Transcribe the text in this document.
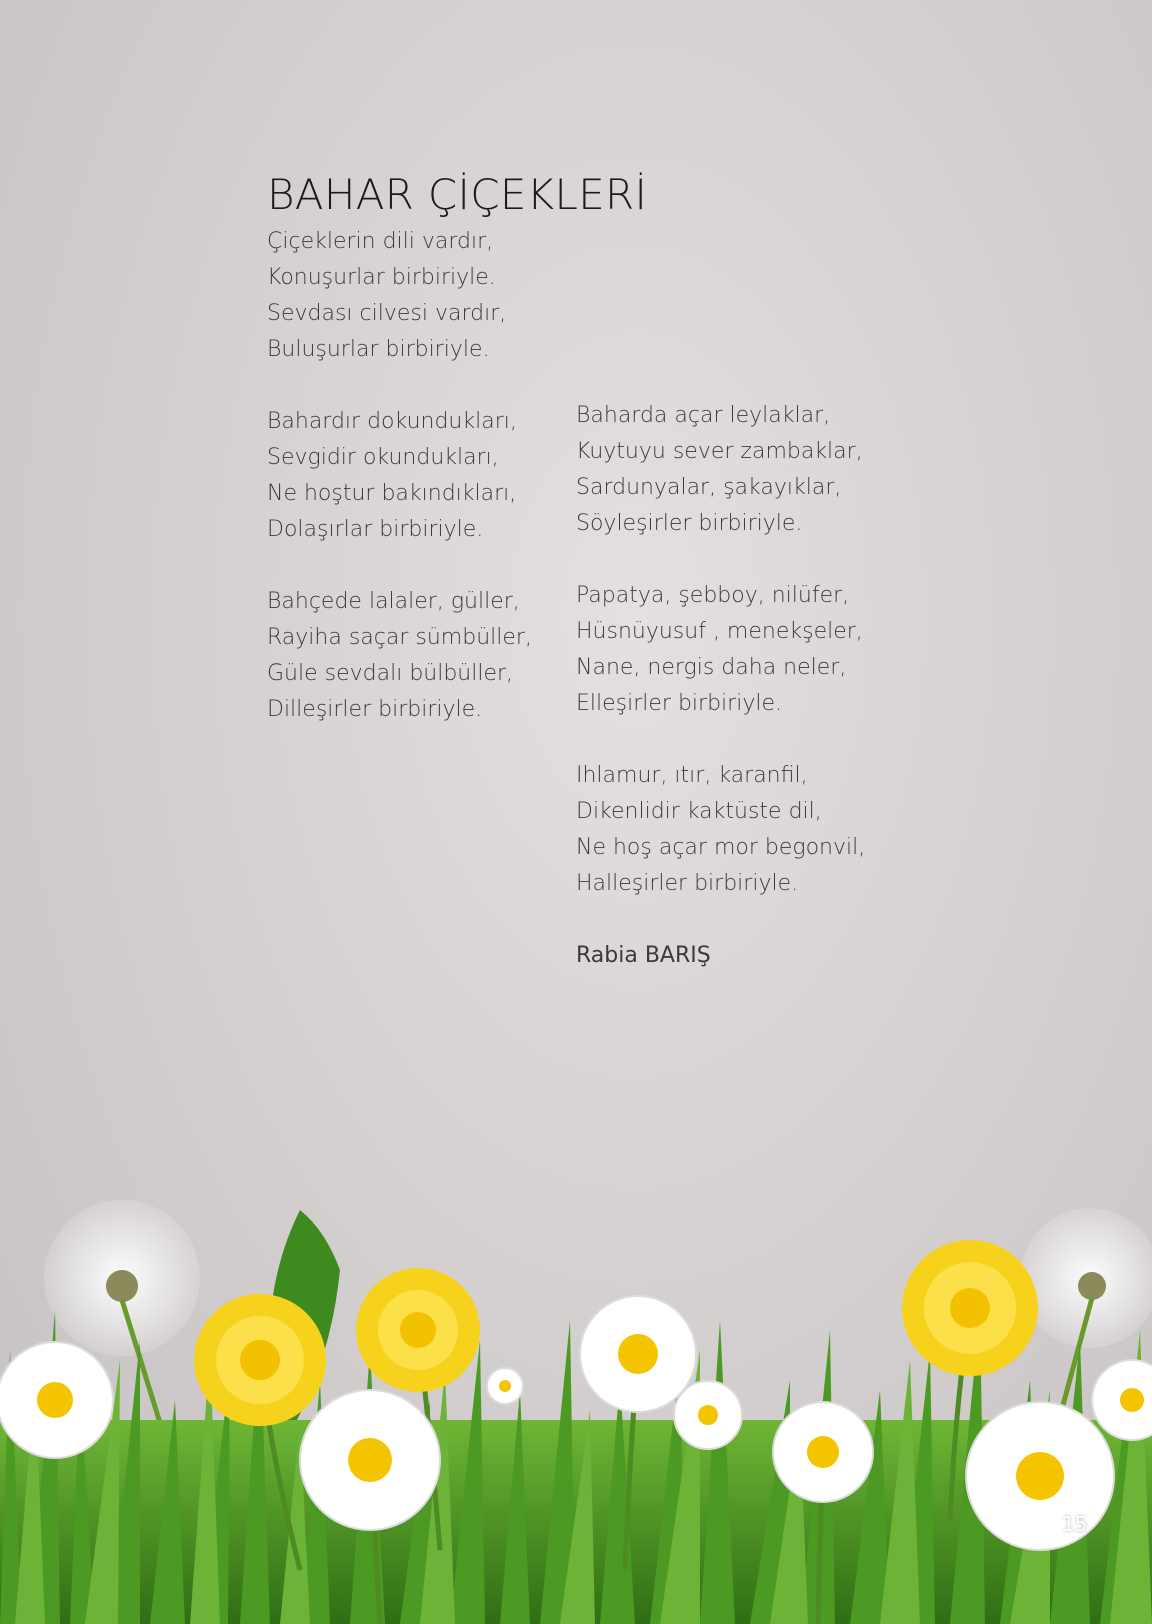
BAHAR ÇİÇEKLERİ
Çiçeklerin dili vardır,
Konuşurlar birbiriyle.
Sevdası cilvesi vardır,
Buluşurlar birbiriyle.
Bahardır dokundukları,
Sevgidir okundukları,
Ne hoştur bakındıkları,
Dolaşırlar birbiriyle.
Bahçede lalaler, güller,
Rayiha saçar sümbüller,
Güle sevdalı bülbüller,
Dilleşirler birbiriyle.
Baharda açar leylaklar,
Kuytuyu sever zambaklar,
Sardunyalar, şakayıklar,
Söyleşirler birbiriyle.
Papatya, şebboy, nilüfer,
Hüsnüyusuf , menekşeler,
Nane, nergis daha neler,
Elleşirler birbiriyle.
Ihlamur, ıtır, karanfil,
Dikenlidir kaktüste dil,
Ne hoş açar mor begonvil,
Halleşirler birbiriyle.
Rabia BARIŞ
15
